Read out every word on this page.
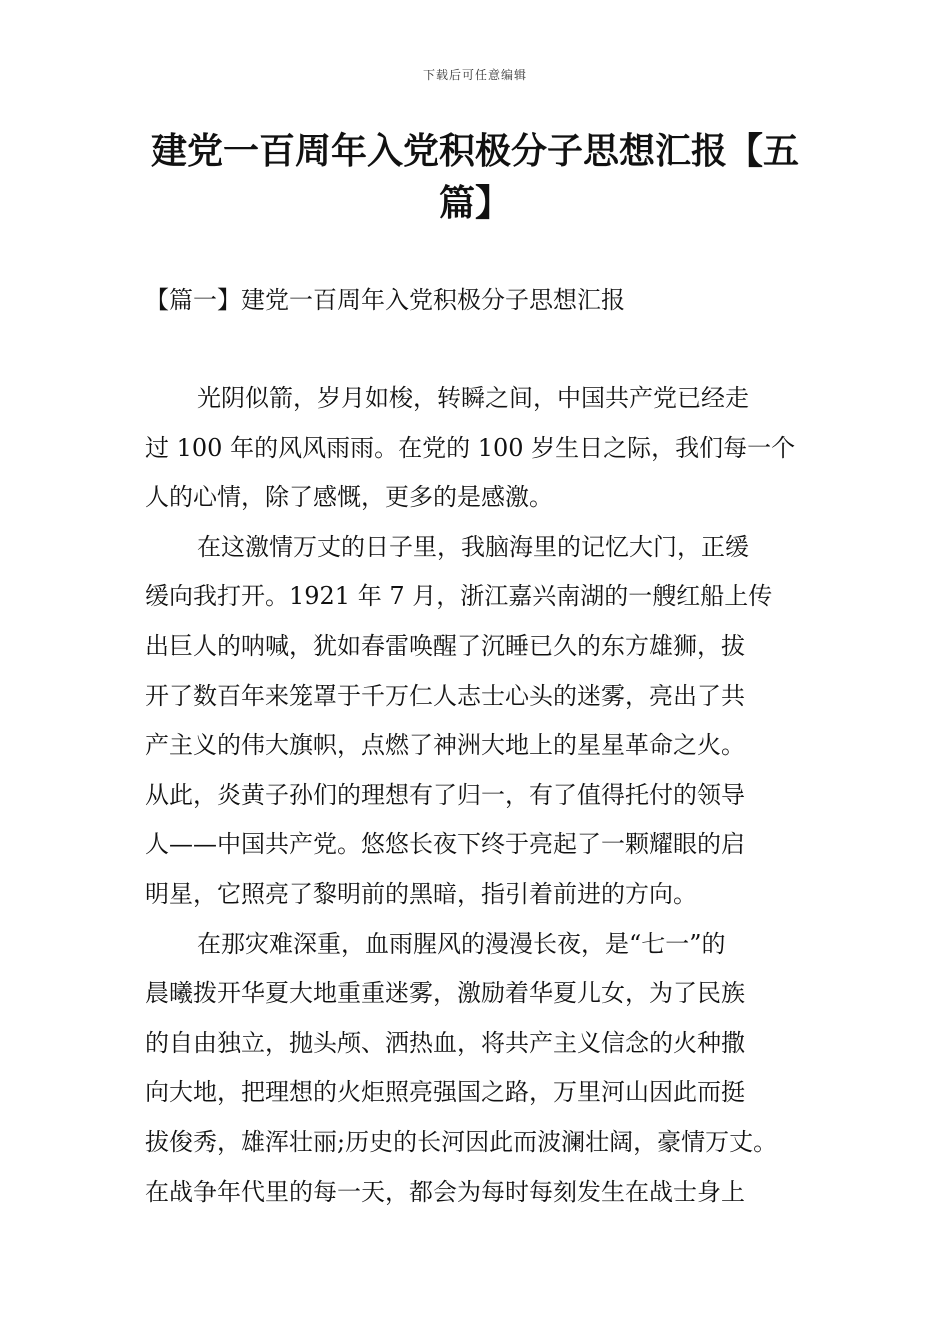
下载后可任意编辑
建党一百周年入党积极分子思想汇报【五
篇】
【篇一】建党一百周年入党积极分子思想汇报
光阴似箭，岁月如梭，转瞬之间，中国共产党已经走
过 100 年的风风雨雨。在党的 100 岁生日之际，我们每一个
人的心情，除了感慨，更多的是感激。
在这激情万丈的日子里，我脑海里的记忆大门，正缓
缓向我打开。1921 年 7 月，浙江嘉兴南湖的一艘红船上传
出巨人的呐喊，犹如春雷唤醒了沉睡已久的东方雄狮，拔
开了数百年来笼罩于千万仁人志士心头的迷雾，亮出了共
产主义的伟大旗帜，点燃了神洲大地上的星星革命之火。
从此，炎黄子孙们的理想有了归一，有了值得托付的领导
人——中国共产党。悠悠长夜下终于亮起了一颗耀眼的启
明星，它照亮了黎明前的黑暗，指引着前进的方向。
在那灾难深重，血雨腥风的漫漫长夜，是“七一”的
晨曦拨开华夏大地重重迷雾，激励着华夏儿女，为了民族
的自由独立，抛头颅、洒热血，将共产主义信念的火种撒
向大地，把理想的火炬照亮强国之路，万里河山因此而挺
拔俊秀，雄浑壮丽;历史的长河因此而波澜壮阔，豪情万丈。
在战争年代里的每一天，都会为每时每刻发生在战士身上
